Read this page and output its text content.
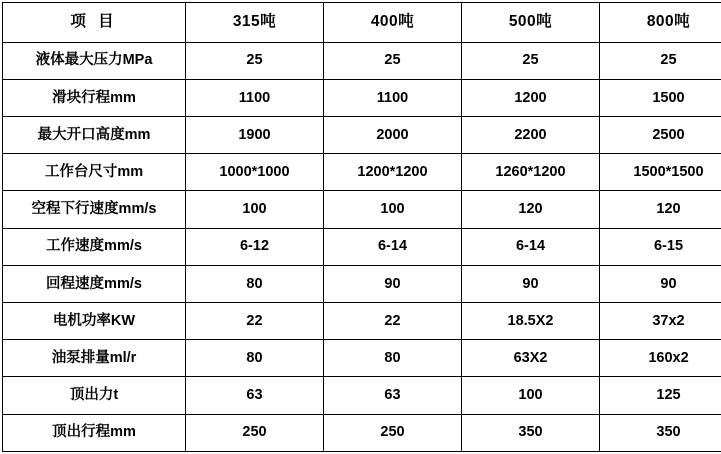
项 目	315吨	400吨	500吨	800吨
液体最大压力MPa	25	25	25	25
滑块行程mm	1100	1100	1200	1500
最大开口高度mm	1900	2000	2200	2500
工作台尺寸mm	1000*1000	1200*1200	1260*1200	1500*1500
空程下行速度mm/s	100	100	120	120
工作速度mm/s	6-12	6-14	6-14	6-15
回程速度mm/s	80	90	90	90
电机功率KW	22	22	18.5X2	37x2
油泵排量ml/r	80	80	63X2	160x2
顶出力t	63	63	100	125
顶出行程mm	250	250	350	350
